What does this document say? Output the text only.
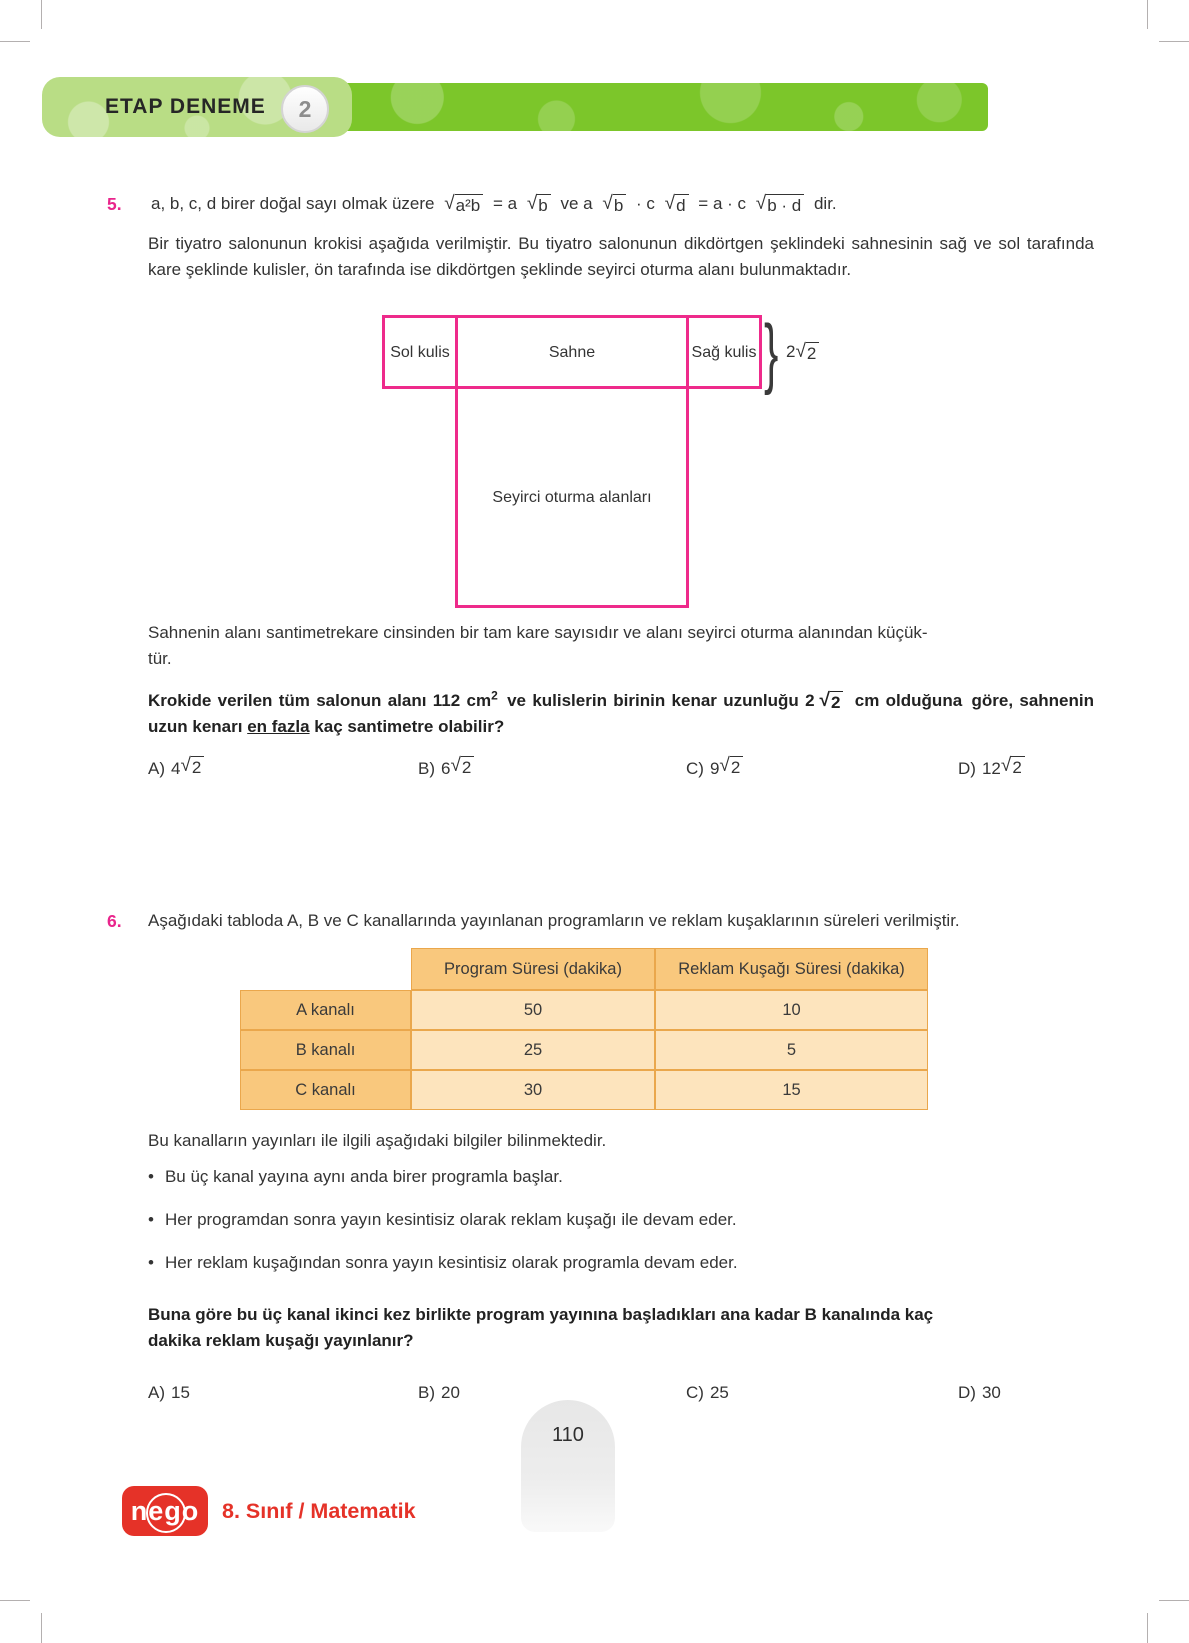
ETAP DENEME	2
5.	a, b, c, d birer doğal sayı olmak üzere √ a²b = a √ b ve a √ b · c √ d = a · c √ b · d dir.

Bir tiyatro salonunun krokisi aşağıda verilmiştir. Bu tiyatro salonunun dikdörtgen şeklindeki sahnesinin sağ ve sol tarafında kare şeklinde kulisler, ön tarafında ise dikdörtgen şeklinde seyirci oturma alanı bulunmaktadır.

Sol kulis	Sahne	Sağ kulis
Seyirci oturma alanları
} 2 √ 2

Sahnenin alanı santimetrekare cinsinden bir tam kare sayısıdır ve alanı seyirci oturma alanından küçük-
tür.

Krokide verilen tüm salonun alanı 112 $cm^2$ ve kulislerin birinin kenar uzunluğu 2 √ 2 cm olduğuna göre, sahnenin uzun kenarı en fazla kaç santimetre olabilir?

A) 4 √ 2	B) 6 √ 2	C) 9 √ 2	D) 12 √ 2
6.	Aşağıdaki tabloda A, B ve C kanallarında yayınlanan programların ve reklam kuşaklarının süreleri verilmiştir.

Program Süresi (dakika)	Reklam Kuşağı Süresi (dakika)
A kanalı	50	10
B kanalı	25	5
C kanalı	30	15

Bu kanalların yayınları ile ilgili aşağıdaki bilgiler bilinmektedir.

• Bu üç kanal yayına aynı anda birer programla başlar.
• Her programdan sonra yayın kesintisiz olarak reklam kuşağı ile devam eder.
• Her reklam kuşağından sonra yayın kesintisiz olarak programla devam eder.

Buna göre bu üç kanal ikinci kez birlikte program yayınına başladıkları ana kadar B kanalında kaç
dakika reklam kuşağı yayınlanır?

A) 15	B) 20	C) 25	D) 30
nego 8. Sınıf / Matematik
110
